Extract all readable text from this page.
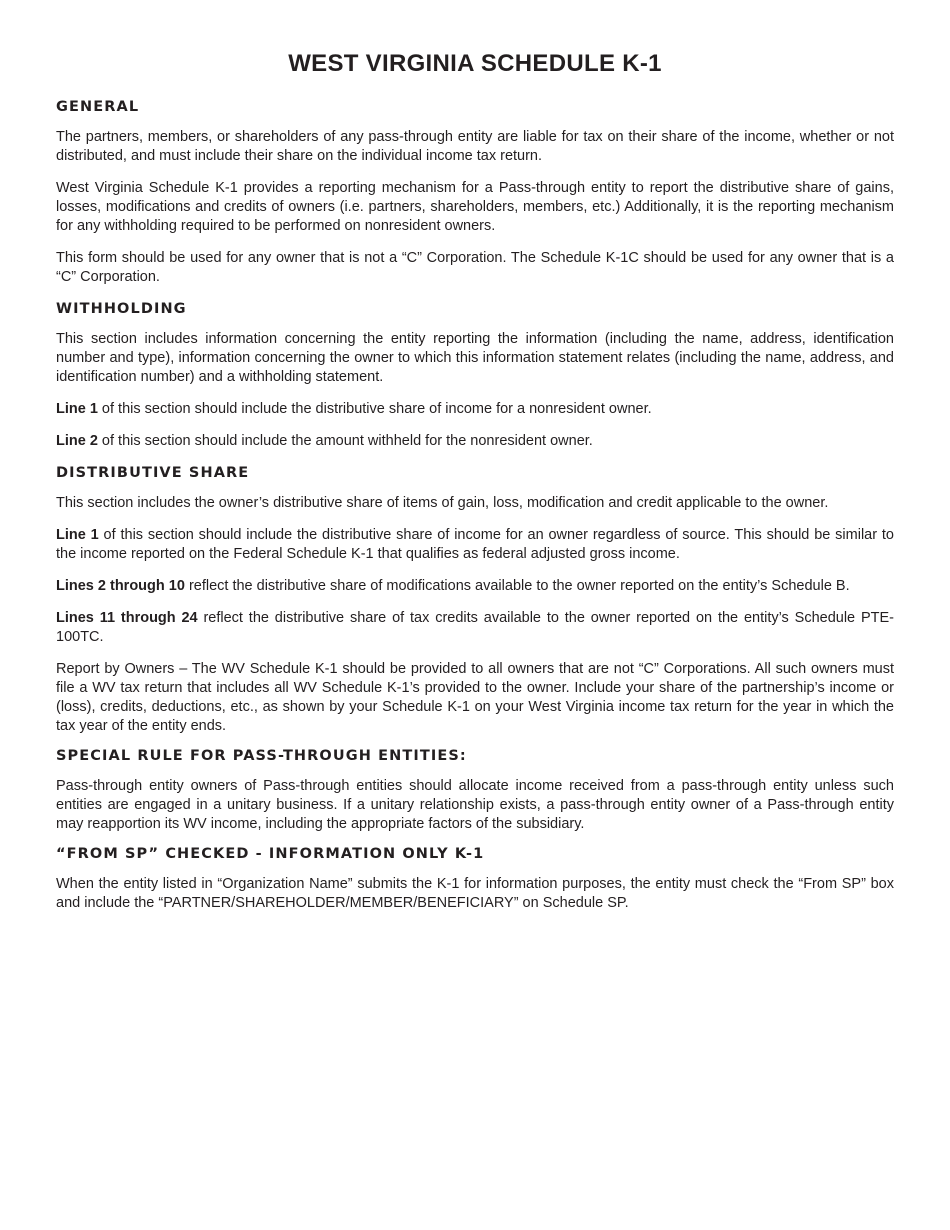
WEST VIRGINIA SCHEDULE K-1
GENERAL

The partners, members, or shareholders of any pass-through entity are liable for tax on their share of the income, whether or not distributed, and must include their share on the individual income tax return.

West Virginia Schedule K-1 provides a reporting mechanism for a Pass-through entity to report the distributive share of gains, losses, modifications and credits of owners (i.e. partners, shareholders, members, etc.) Additionally, it is the reporting mechanism for any withholding required to be performed on nonresident owners.

This form should be used for any owner that is not a “C” Corporation. The Schedule K-1C should be used for any owner that is a “C” Corporation.

WITHHOLDING

This section includes information concerning the entity reporting the information (including the name, address, identification number and type), information concerning the owner to which this information statement relates (including the name, address, and identification number) and a withholding statement.

Line 1 of this section should include the distributive share of income for a nonresident owner.

Line 2 of this section should include the amount withheld for the nonresident owner.

DISTRIBUTIVE SHARE

This section includes the owner’s distributive share of items of gain, loss, modification and credit applicable to the owner.

Line 1 of this section should include the distributive share of income for an owner regardless of source. This should be similar to the income reported on the Federal Schedule K-1 that qualifies as federal adjusted gross income.

Lines 2 through 10 reflect the distributive share of modifications available to the owner reported on the entity’s Schedule B.

Lines 11 through 24 reflect the distributive share of tax credits available to the owner reported on the entity’s Schedule PTE-100TC.

Report by Owners – The WV Schedule K-1 should be provided to all owners that are not “C” Corporations. All such owners must file a WV tax return that includes all WV Schedule K-1’s provided to the owner. Include your share of the partnership’s income or (loss), credits, deductions, etc., as shown by your Schedule K-1 on your West Virginia income tax return for the year in which the tax year of the entity ends.

SPECIAL RULE FOR PASS-THROUGH ENTITIES:

Pass-through entity owners of Pass-through entities should allocate income received from a pass-through entity unless such entities are engaged in a unitary business. If a unitary relationship exists, a pass-through entity owner of a Pass-through entity may reapportion its WV income, including the appropriate factors of the subsidiary.

“FROM SP” CHECKED - INFORMATION ONLY K-1

When the entity listed in “Organization Name” submits the K-1 for information purposes, the entity must check the “From SP” box and include the “PARTNER/SHAREHOLDER/MEMBER/BENEFICIARY” on Schedule SP.
